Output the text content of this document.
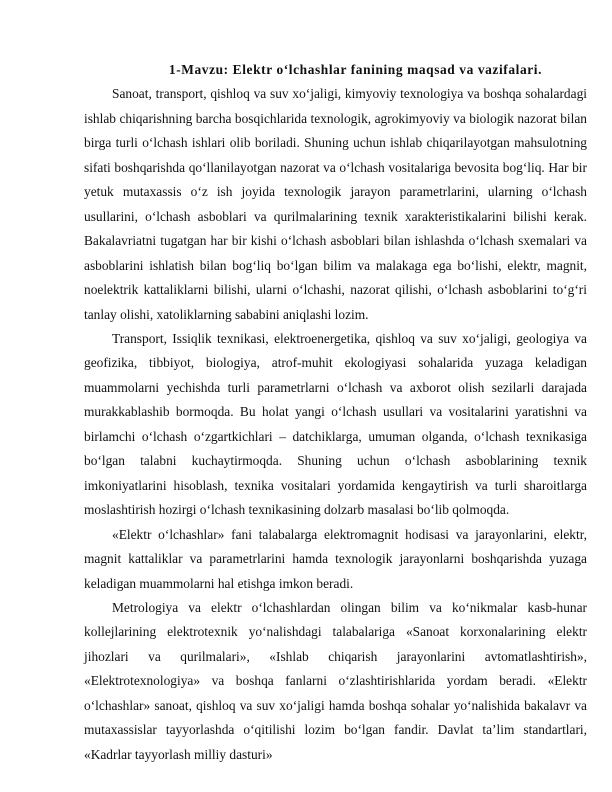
1-Mavzu: Elektr o‘lchashlar fanining maqsad va vazifalari.

Sanoat, transport, qishloq va suv xo‘jaligi, kimyoviy texnologiya va boshqa sohalardagi ishlab chiqarishning barcha bosqichlarida texnologik, agrokimyoviy va biologik nazorat bilan birga turli o‘lchash ishlari olib boriladi. Shuning uchun ishlab chiqarilayotgan mahsulotning sifati boshqarishda qo‘llanilayotgan nazorat va o‘lchash vositalariga bevosita bog‘liq. Har bir yetuk mutaxassis o‘z ish joyida texnologik jarayon parametrlarini, ularning o‘lchash usullarini, o‘lchash asboblari va qurilmalarining texnik xarakteristikalarini bilishi kerak. Bakalavriatni tugatgan har bir kishi o‘lchash asboblari bilan ishlashda o‘lchash sxemalari va asboblarini ishlatish bilan bog‘liq bo‘lgan bilim va malakaga ega bo‘lishi, elektr, magnit, noelektrik kattaliklarni bilishi, ularni o‘lchashi, nazorat qilishi, o‘lchash asboblarini to‘g‘ri tanlay olishi, xatoliklarning sababini aniqlashi lozim.

Transport, Issiqlik texnikasi, elektroenergetika, qishloq va suv xo‘jaligi, geologiya va geofizika, tibbiyot, biologiya, atrof-muhit ekologiyasi sohalarida yuzaga keladigan muammolarni yechishda turli parametrlarni o‘lchash va axborot olish sezilarli darajada murakkablashib bormoqda. Bu holat yangi o‘lchash usullari va vositalarini yaratishni va birlamchi o‘lchash o‘zgartkichlari – datchiklarga, umuman olganda, o‘lchash texnikasiga bo‘lgan talabni kuchaytirmoqda. Shuning uchun o‘lchash asboblarining texnik imkoniyatlarini hisoblash, texnika vositalari yordamida kengaytirish va turli sharoitlarga moslashtirish hozirgi o‘lchash texnikasining dolzarb masalasi bo‘lib qolmoqda.

«Elektr o‘lchashlar» fani talabalarga elektromagnit hodisasi va jarayonlarini, elektr, magnit kattaliklar va parametrlarini hamda texnologik jarayonlarni boshqarishda yuzaga keladigan muammolarni hal etishga imkon beradi.

Metrologiya va elektr o‘lchashlardan olingan bilim va ko‘nikmalar kasb-hunar kollejlarining elektrotexnik yo‘nalishdagi talabalariga «Sanoat korxonalarining elektr jihozlari va qurilmalari», «Ishlab chiqarish jarayonlarini avtomatlashtirish», «Elektrotexnologiya» va boshqa fanlarni o‘zlashtirishlarida yordam beradi. «Elektr o‘lchashlar» sanoat, qishloq va suv xo‘jaligi hamda boshqa sohalar yo‘nalishida bakalavr va mutaxassislar tayyorlashda o‘qitilishi lozim bo‘lgan fandir. Davlat ta’lim standartlari, «Kadrlar tayyorlash milliy dasturi»
